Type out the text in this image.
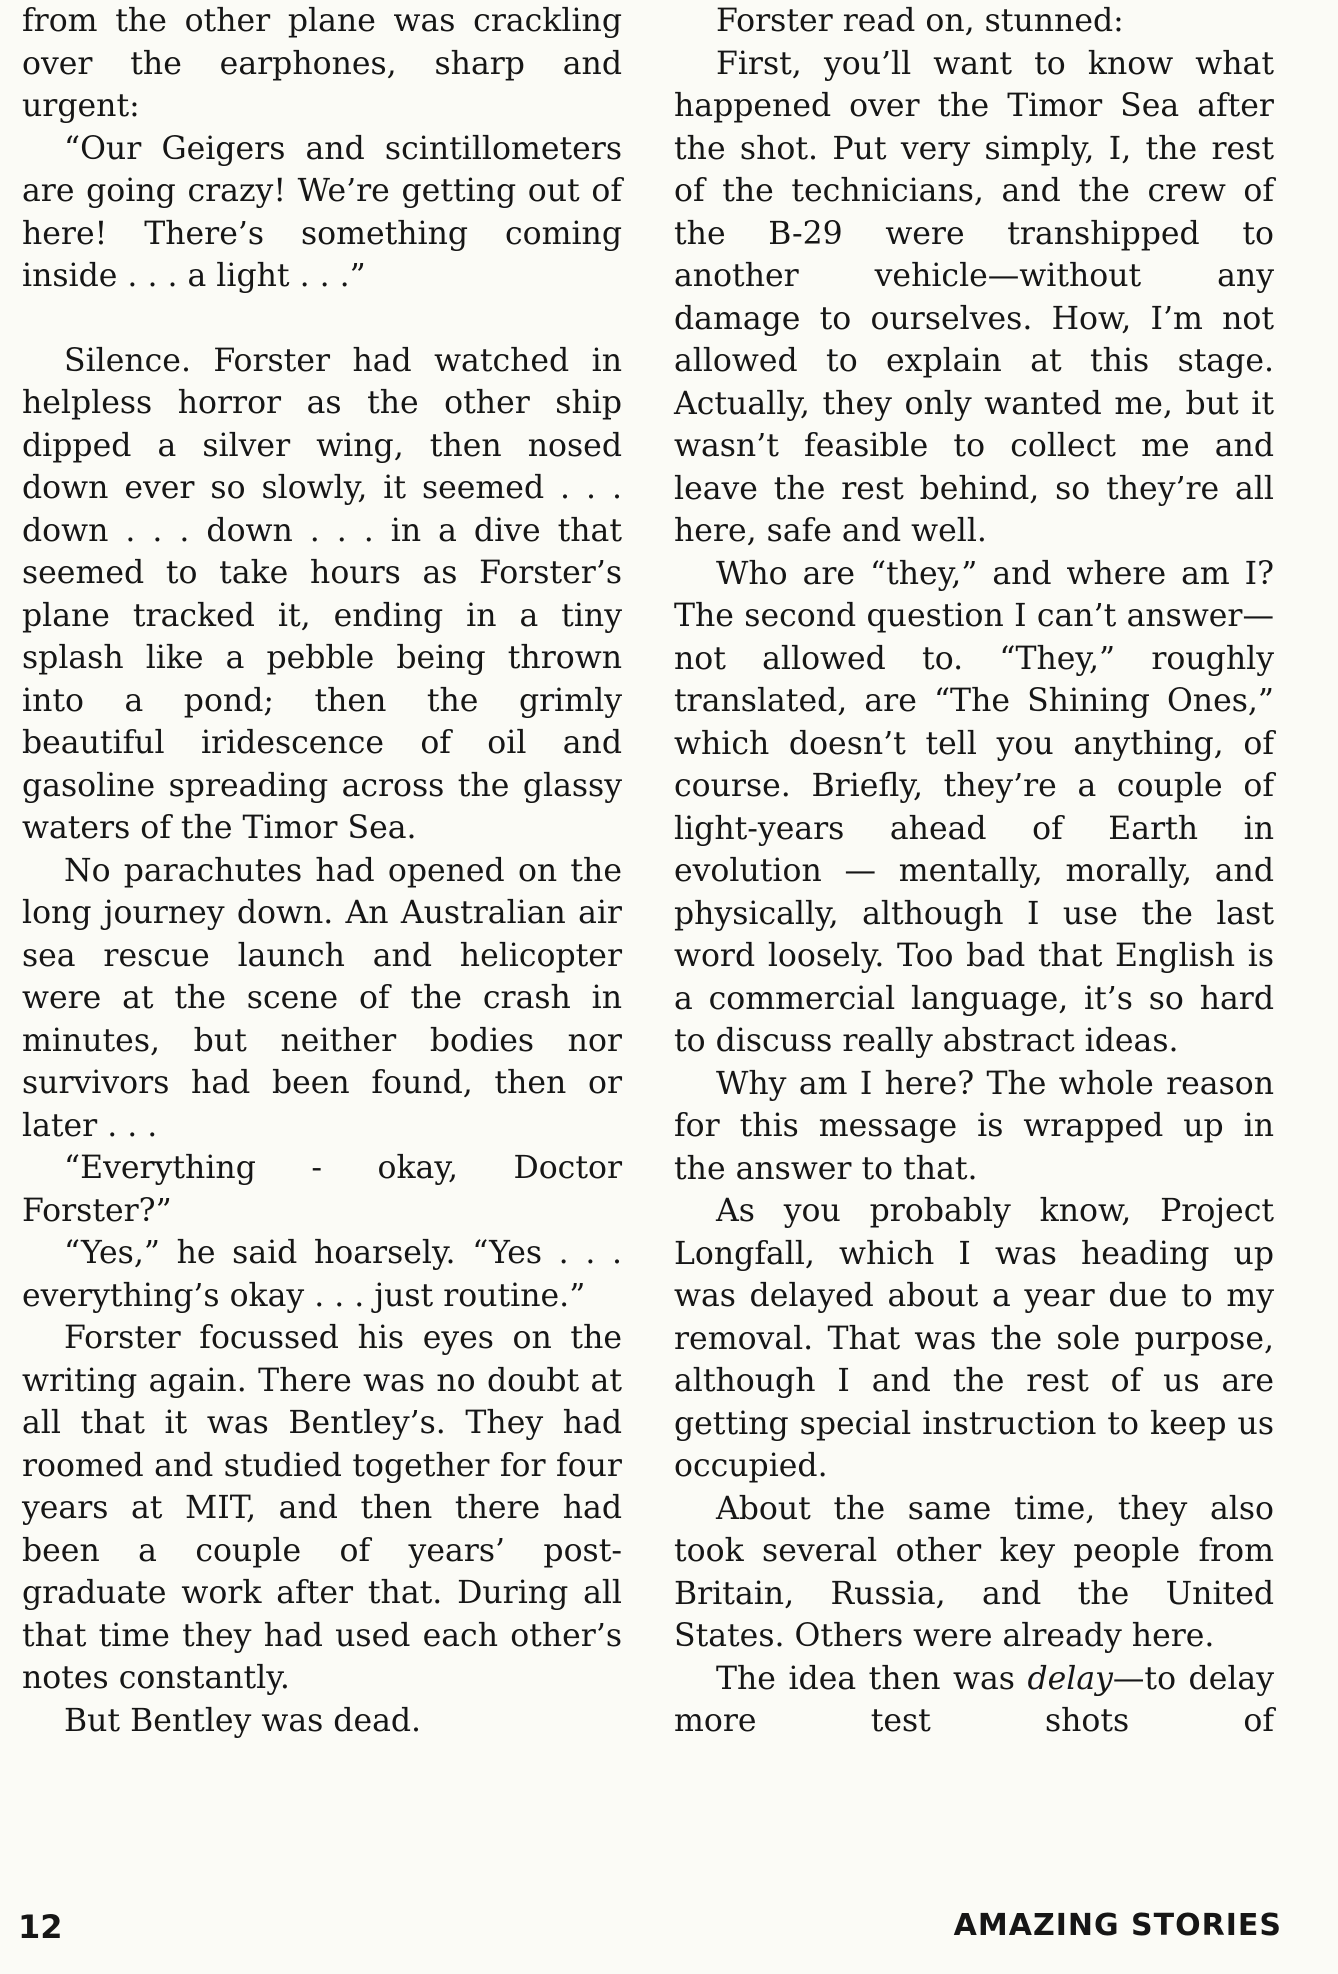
from the other plane was crackling over the earphones, sharp and urgent:

“Our Geigers and scintillometers are going crazy! We’re getting out of here! There’s something coming inside . . . a light . . .”

Silence. Forster had watched in helpless horror as the other ship dipped a silver wing, then nosed down ever so slowly, it seemed . . . down . . . down . . . in a dive that seemed to take hours as Forster’s plane tracked it, ending in a tiny splash like a pebble being thrown into a pond; then the grimly beautiful iridescence of oil and gasoline spreading across the glassy waters of the Timor Sea.

No parachutes had opened on the long journey down. An Australian air sea rescue launch and helicopter were at the scene of the crash in minutes, but neither bodies nor survivors had been found, then or later . . .

“Everything - okay, Doctor Forster?”

“Yes,” he said hoarsely. “Yes . . . everything’s okay . . . just routine.”

Forster focussed his eyes on the writing again. There was no doubt at all that it was Bentley’s. They had roomed and studied together for four years at MIT, and then there had been a couple of years’ post-graduate work after that. During all that time they had used each other’s notes constantly.

But Bentley was dead.

Forster read on, stunned:

First, you’ll want to know what happened over the Timor Sea after the shot. Put very simply, I, the rest of the technicians, and the crew of the B-29 were transhipped to another vehicle—without any damage to ourselves. How, I’m not allowed to explain at this stage. Actually, they only wanted me, but it wasn’t feasible to collect me and leave the rest behind, so they’re all here, safe and well.

Who are “they,” and where am I? The second question I can’t answer—not allowed to. “They,” roughly translated, are “The Shining Ones,” which doesn’t tell you anything, of course. Briefly, they’re a couple of light-years ahead of Earth in evolution — mentally, morally, and physically, although I use the last word loosely. Too bad that English is a commercial language, it’s so hard to discuss really abstract ideas.

Why am I here? The whole reason for this message is wrapped up in the answer to that.

As you probably know, Project Longfall, which I was heading up was delayed about a year due to my removal. That was the sole purpose, although I and the rest of us are getting special instruction to keep us occupied.

About the same time, they also took several other key people from Britain, Russia, and the United States. Others were already here.

The idea then was delay—to delay more test shots of

12	AMAZING STORIES
